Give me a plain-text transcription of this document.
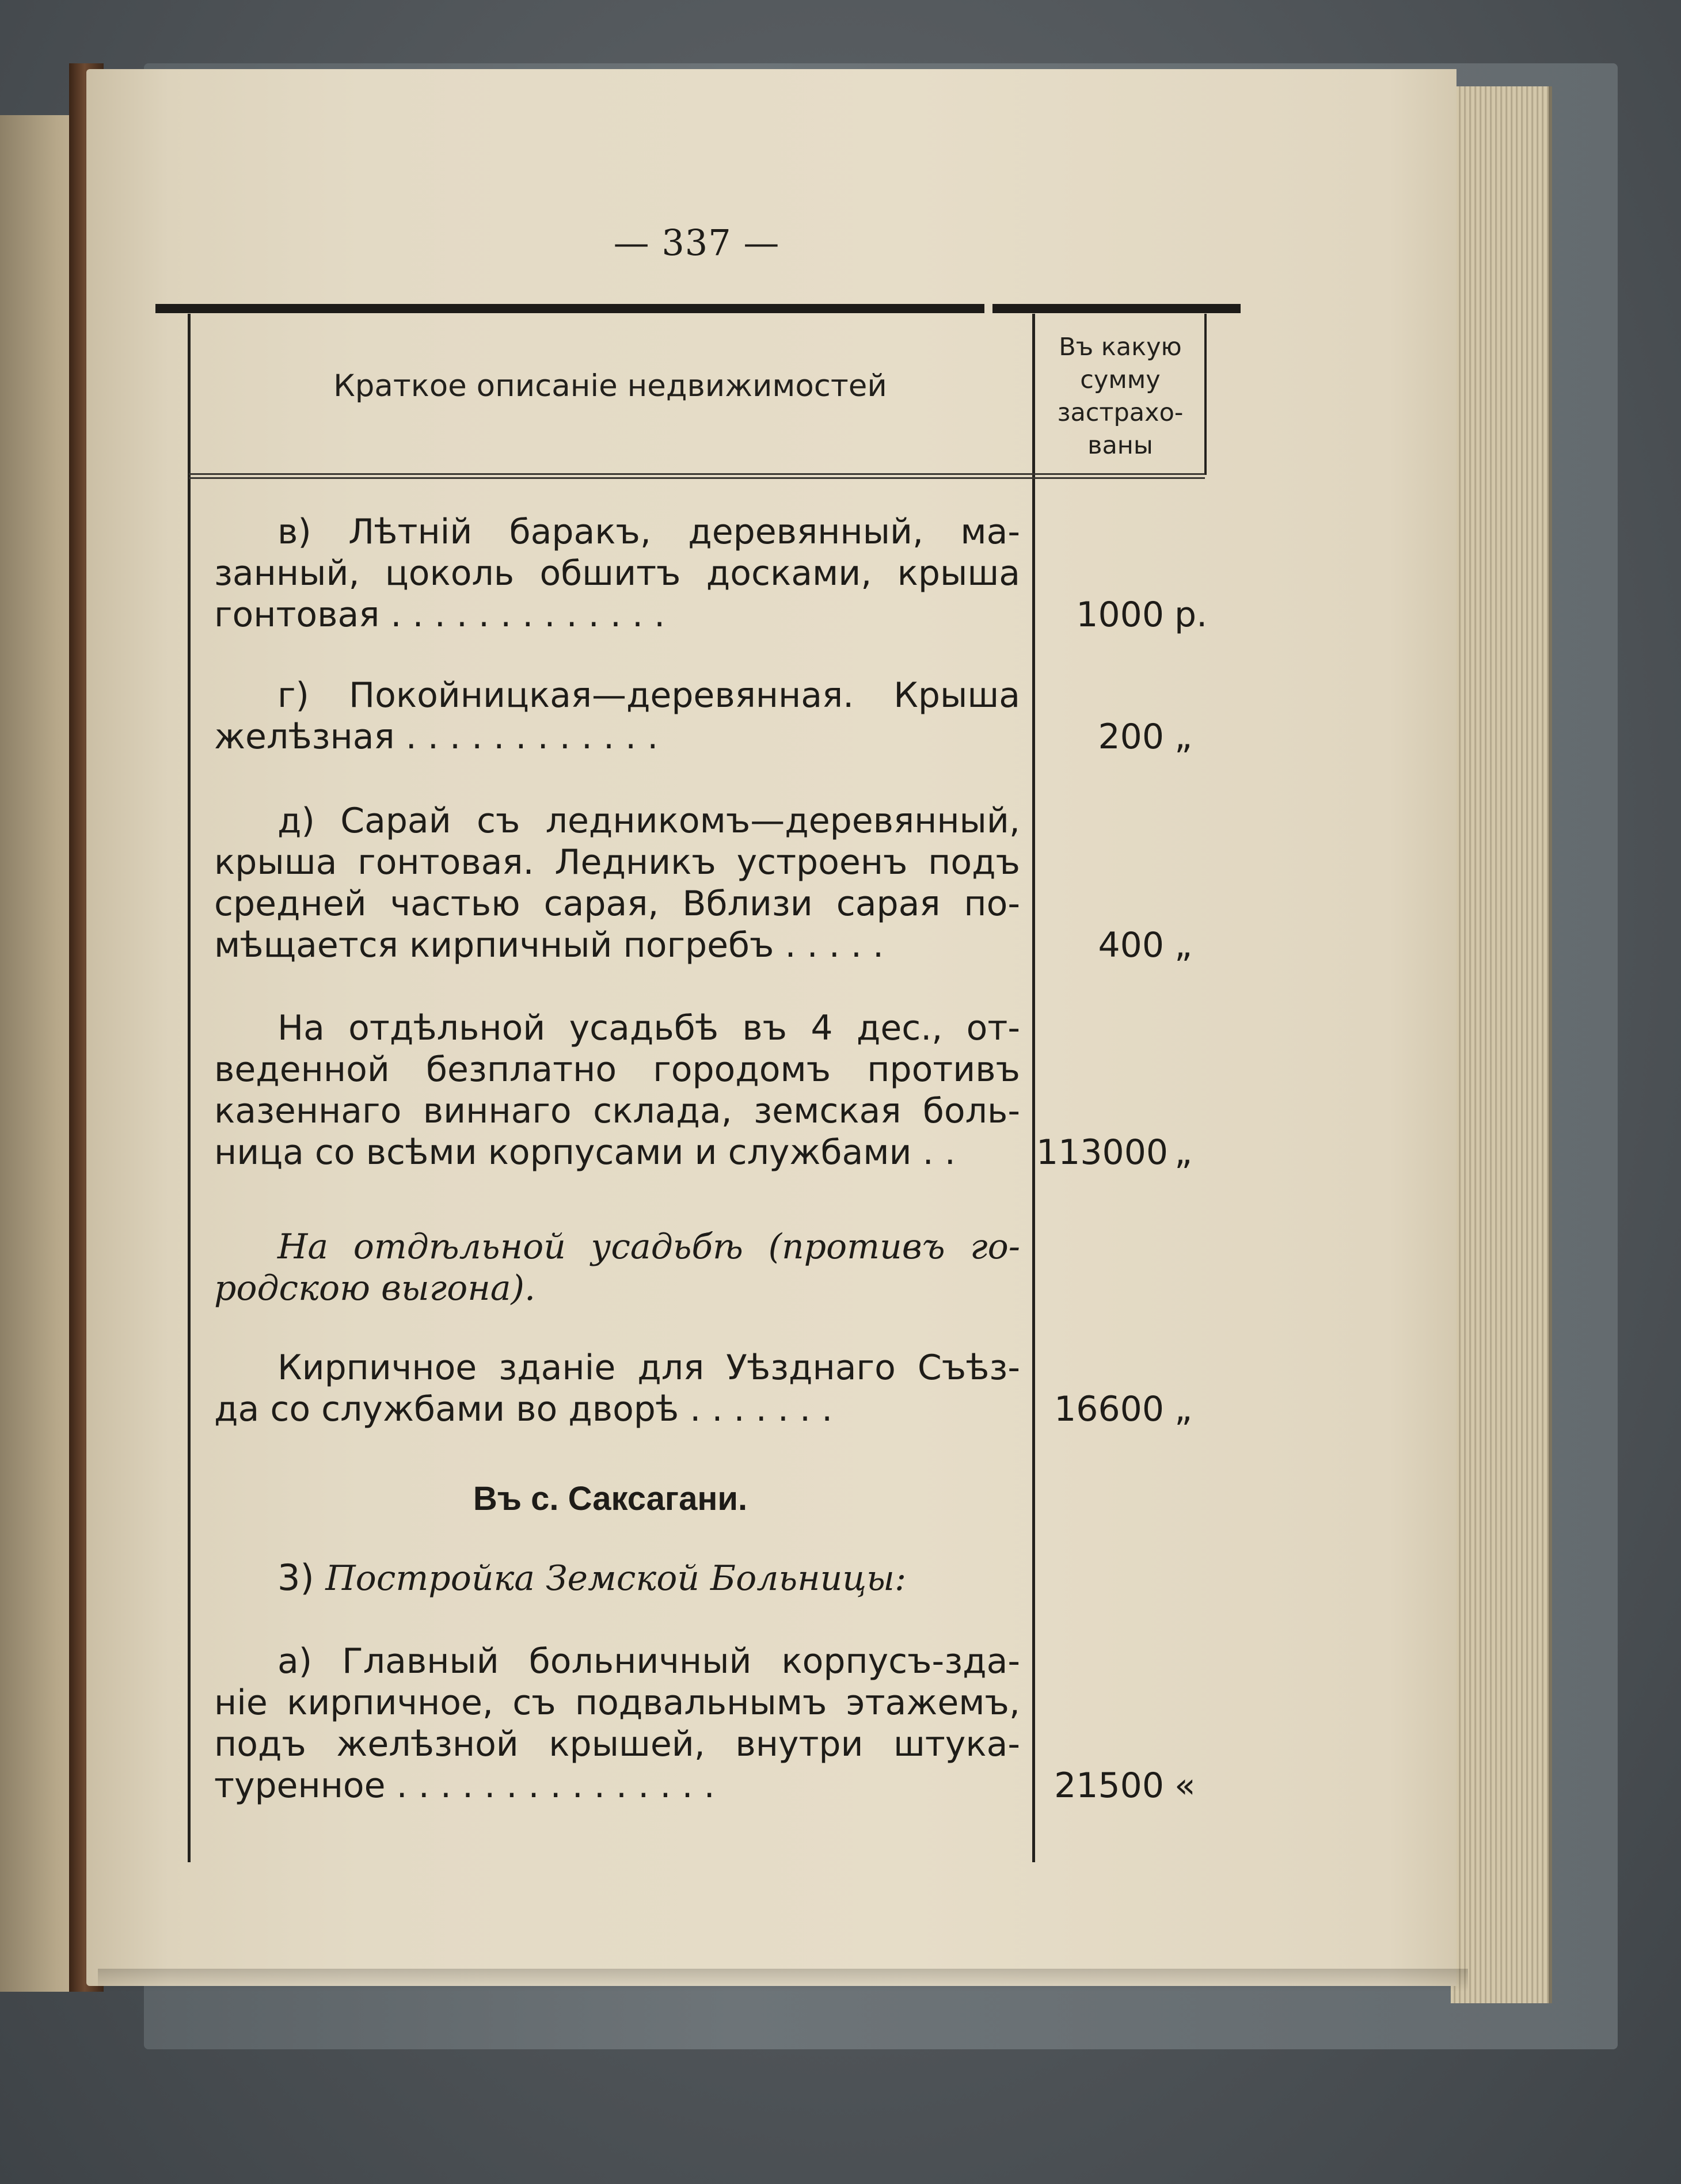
— 337 —
Краткое описаніе недвижимостей
Въ какую
сумму
застрахо-
ваны
в) Лѣтній баракъ, деревянный, ма-
занный, цоколь обшитъ досками, крыша
гонтовая . . . . . . . . . . . . .	1000 р.
г) Покойницкая—деревянная. Крыша
желѣзная . . . . . . . . . . . .	200 „
д) Сарай съ ледникомъ—деревянный,
крыша гонтовая. Ледникъ устроенъ подъ
средней частью сарая, Вблизи сарая по-
мѣщается кирпичный погребъ . . . . .	400 „
На отдѣльной усадьбѣ въ 4 дес., от-
веденной безплатно городомъ противъ
казеннаго виннаго склада, земская боль-
ница со всѣми корпусами и службами . .	113000 „
На отдѣльной усадьбѣ (противъ го-
родскою выгона).
Кирпичное зданіе для Уѣзднаго Съѣз-
да со службами во дворѣ . . . . . . .	16600 „
Въ с. Саксагани.
3) Постройка Земской Больницы:
а) Главный больничный корпусъ-зда-
ніе кирпичное, съ подвальнымъ этажемъ,
подъ желѣзной крышей, внутри штука-
туренное . . . . . . . . . . . . . . .	21500 «
